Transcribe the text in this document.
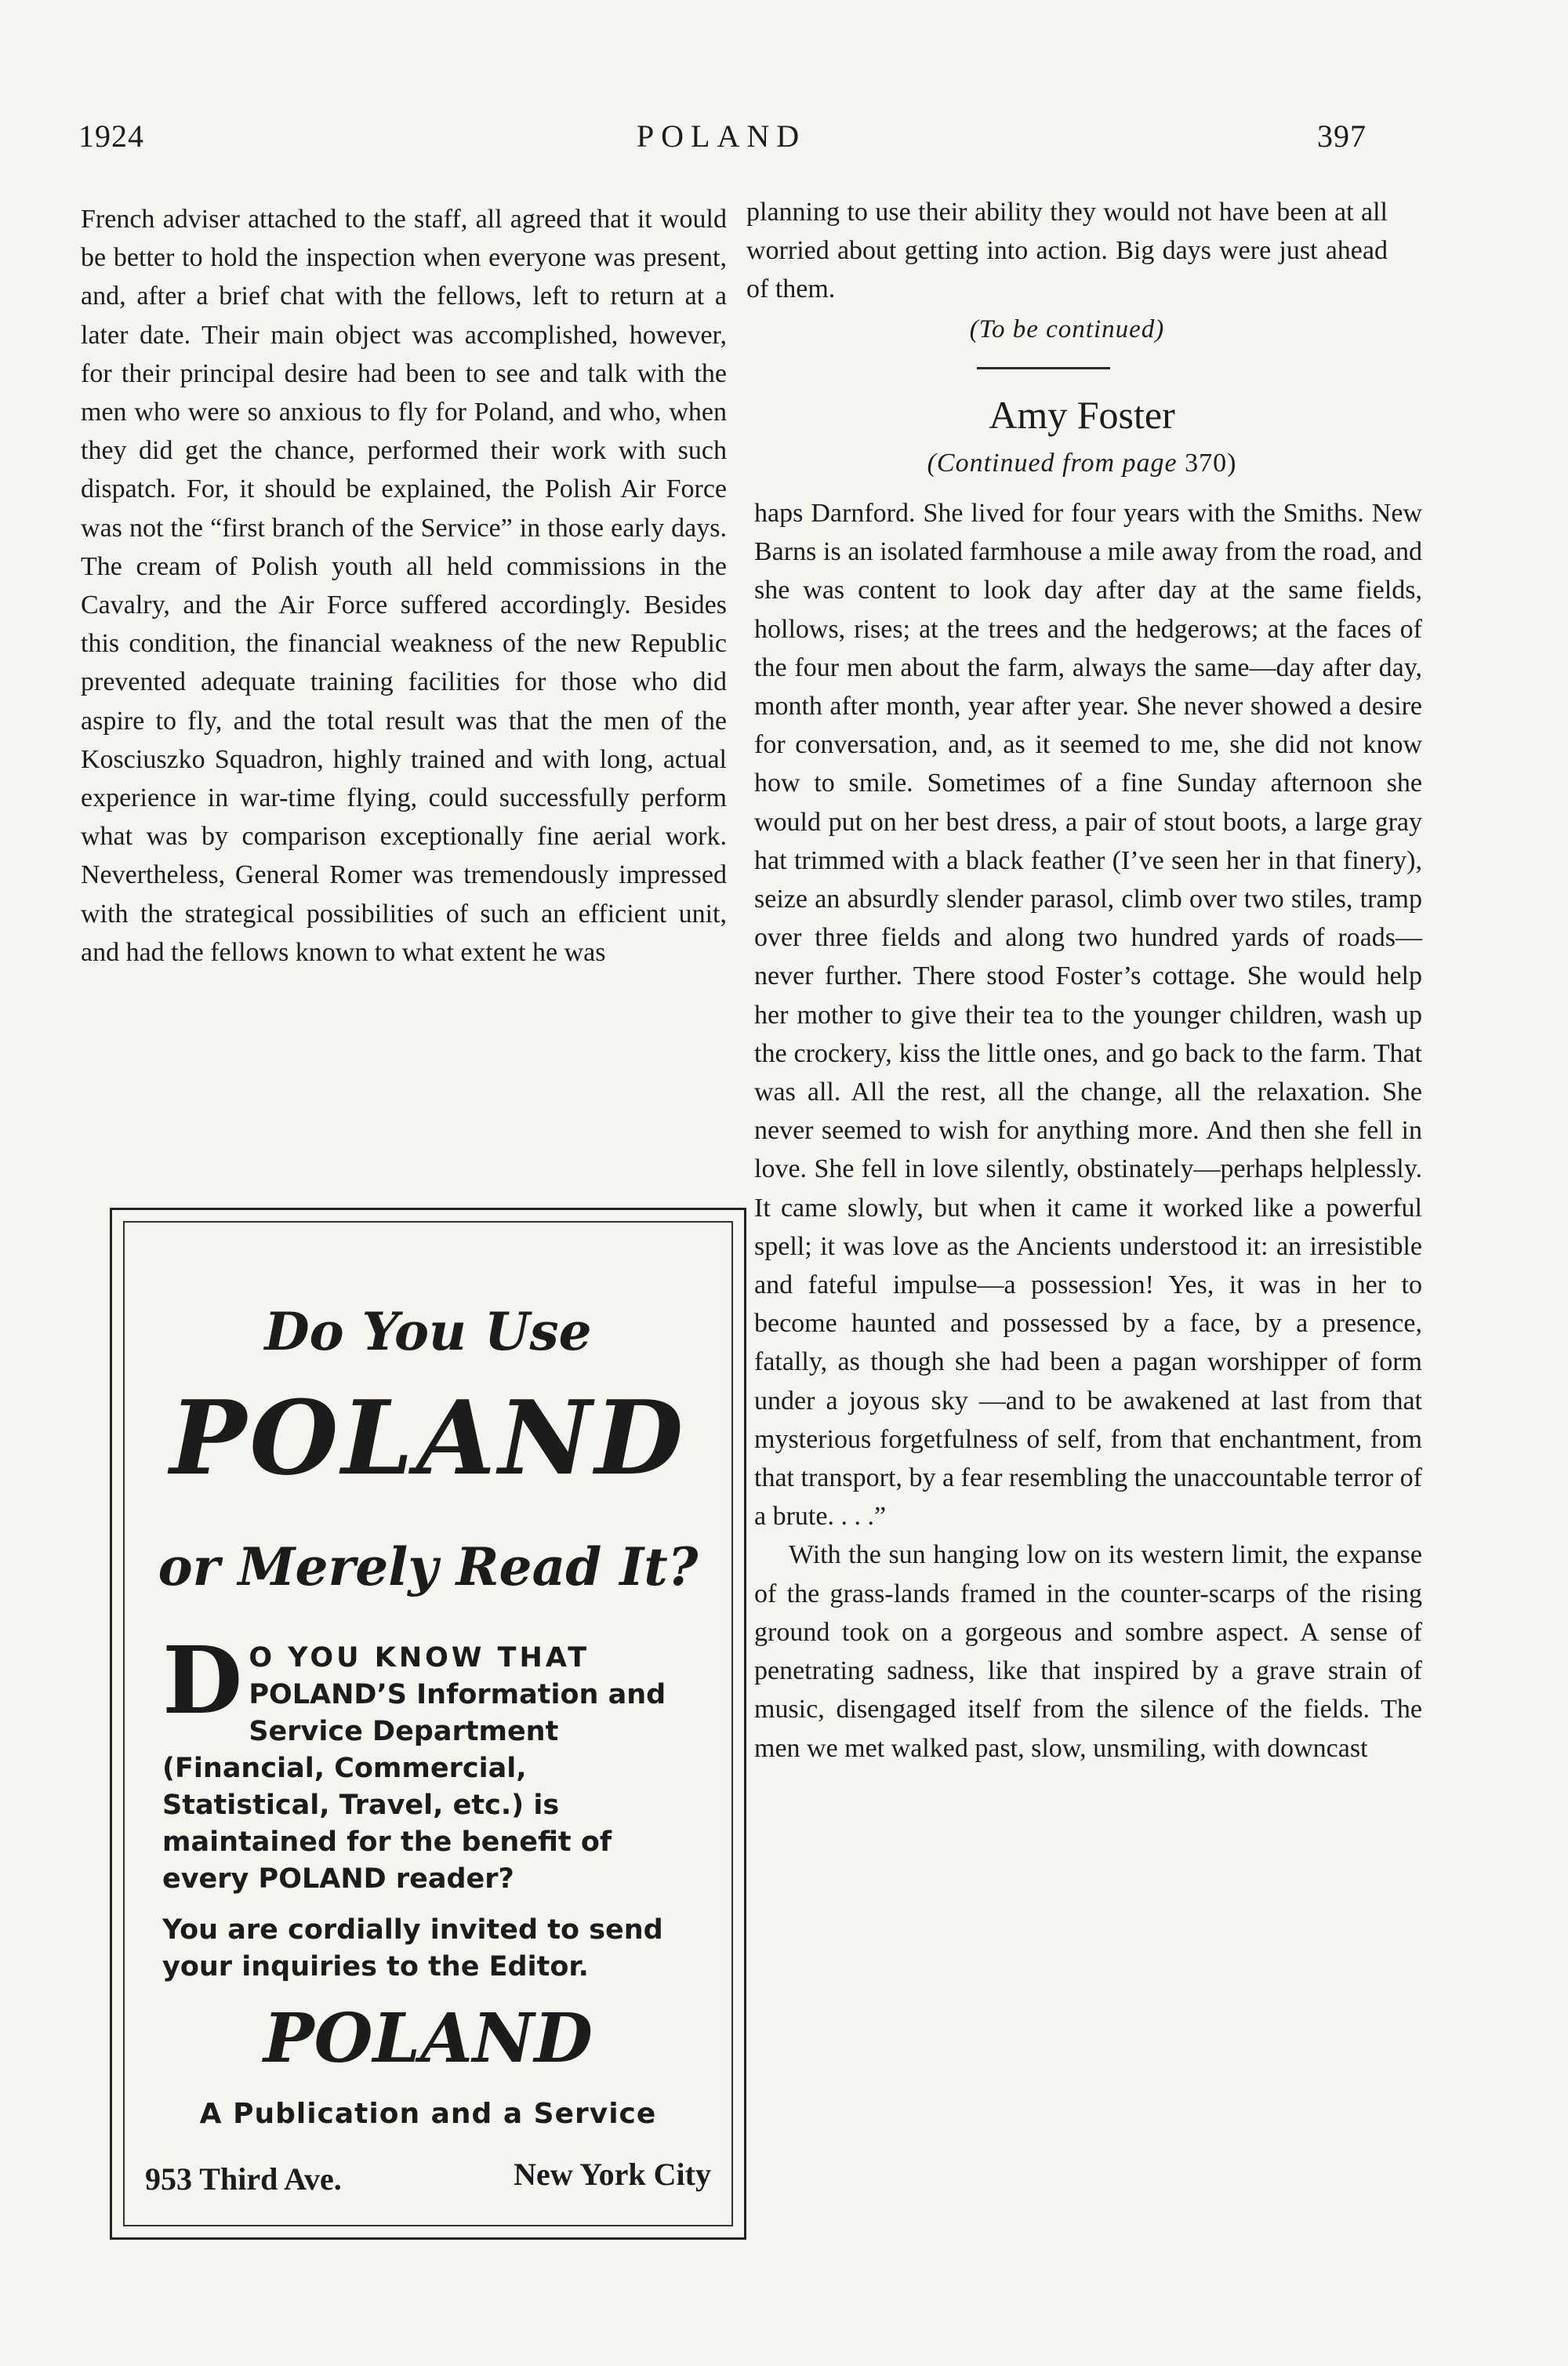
POLAND
1924	397

French adviser attached to the staff, all agreed that it would be better to hold the inspection when everyone was present, and, after a brief chat with the fellows, left to return at a later date. Their main object was accomplished, however, for their principal desire had been to see and talk with the men who were so anxious to fly for Poland, and who, when they did get the chance, performed their work with such dispatch. For, it should be explained, the Polish Air Force was not the “first branch of the Service” in those early days. The cream of Polish youth all held commissions in the Cavalry, and the Air Force suffered accordingly. Besides this condition, the financial weakness of the new Republic prevented adequate training facilities for those who did aspire to fly, and the total result was that the men of the Kosciuszko Squadron, highly trained and with long, actual experience in war-time flying, could successfully perform what was by comparison exceptionally fine aerial work. Nevertheless, General Romer was tremendously impressed with the strategical possibilities of such an efficient unit, and had the fellows known to what extent he was

planning to use their ability they would not have been at all worried about getting into action. Big days were just ahead of them.

(To be continued)
Amy Foster
(Continued from page 370)

haps Darnford. She lived for four years with the Smiths. New Barns is an isolated farmhouse a mile away from the road, and she was content to look day after day at the same fields, hollows, rises; at the trees and the hedgerows; at the faces of the four men about the farm, always the same—day after day, month after month, year after year. She never showed a desire for conversation, and, as it seemed to me, she did not know how to smile. Sometimes of a fine Sunday afternoon she would put on her best dress, a pair of stout boots, a large gray hat trimmed with a black feather (I’ve seen her in that finery), seize an absurdly slender parasol, climb over two stiles, tramp over three fields and along two hundred yards of roads—never further. There stood Foster’s cottage. She would help her mother to give their tea to the younger children, wash up the crockery, kiss the little ones, and go back to the farm. That was all. All the rest, all the change, all the relaxation. She never seemed to wish for anything more. And then she fell in love. She fell in love silently, obstinately—perhaps helplessly. It came slowly, but when it came it worked like a powerful spell; it was love as the Ancients understood it: an irresistible and fateful impulse—a possession! Yes, it was in her to become haunted and possessed by a face, by a presence, fatally, as though she had been a pagan worshipper of form under a joyous sky —and to be awakened at last from that mysterious forgetfulness of self, from that enchantment, from that transport, by a fear resembling the unaccountable terror of a brute. . . .”

With the sun hanging low on its western limit, the expanse of the grass-lands framed in the counter-scarps of the rising ground took on a gorgeous and sombre aspect. A sense of penetrating sadness, like that inspired by a grave strain of music, disengaged itself from the silence of the fields. The men we met walked past, slow, unsmiling, with downcast

Do You Use
POLAND
or Merely Read It?

D O YOU KNOW THAT POLAND’S Information and Service Department (Financial, Commercial, Statistical, Travel, etc.) is maintained for the benefit of every POLAND reader?

You are cordially invited to send your inquiries to the Editor.

POLAND
A Publication and a Service
953 Third Ave.	New York City
